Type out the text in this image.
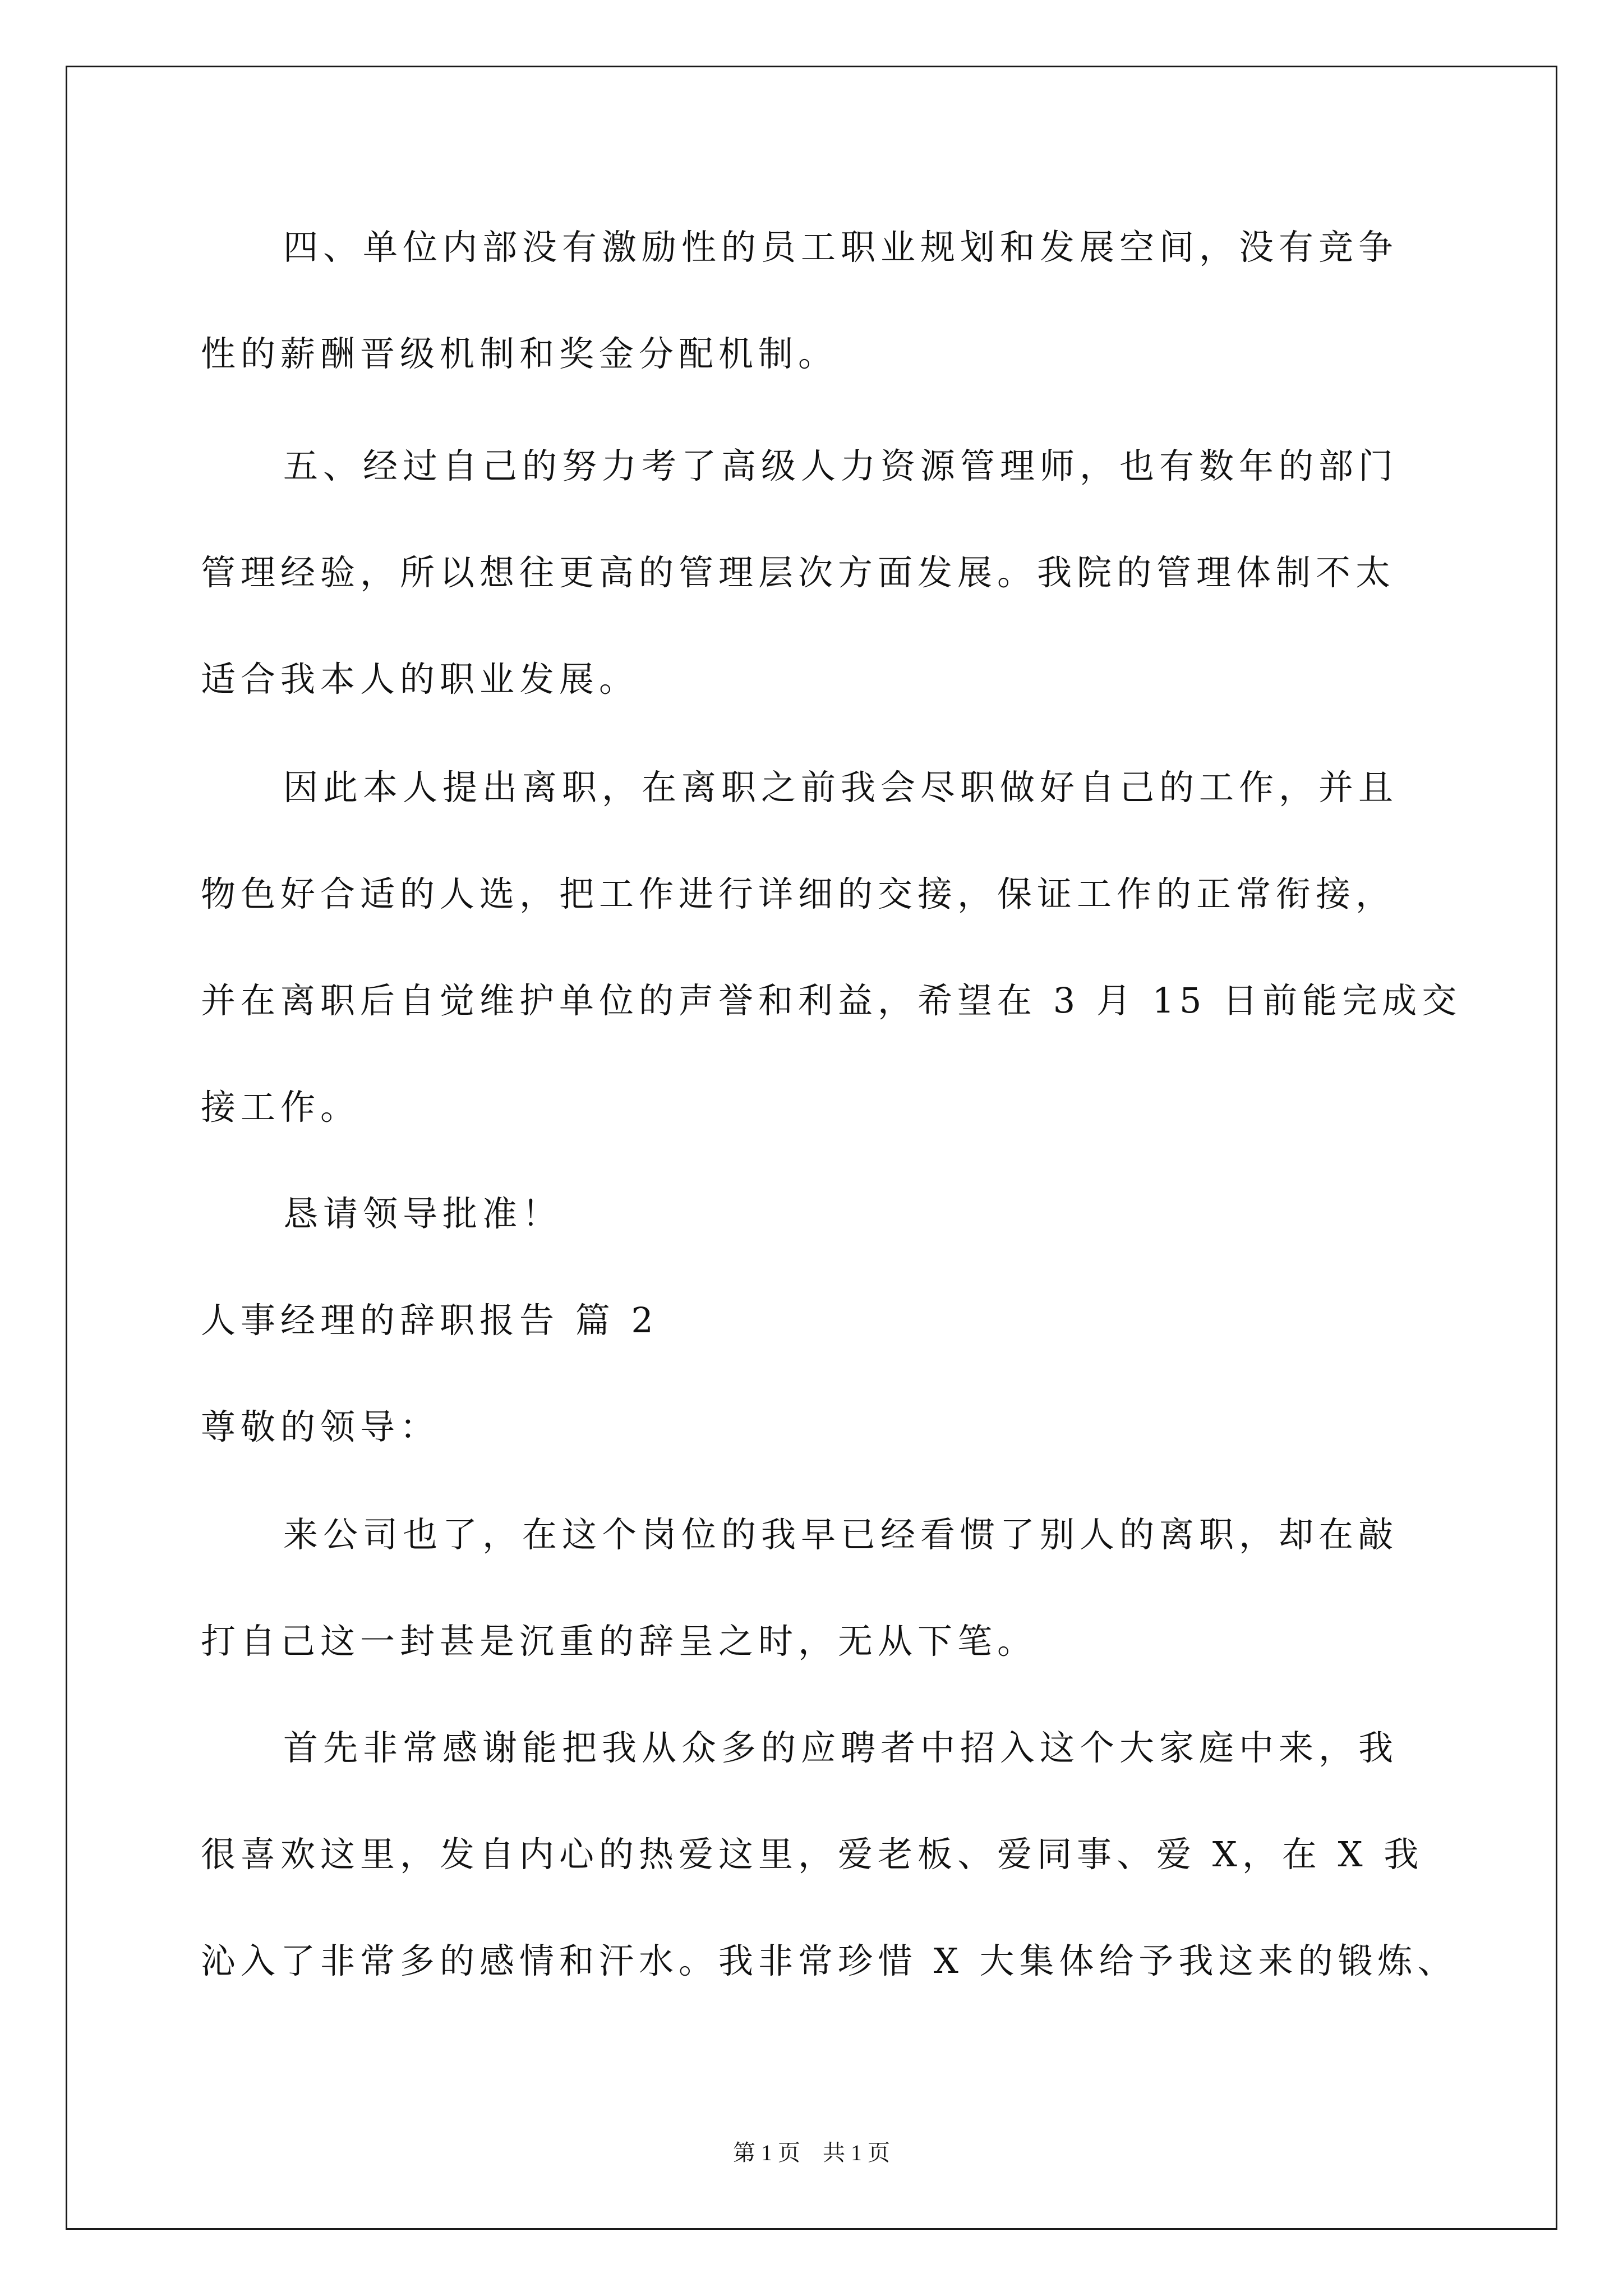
四、单位内部没有激励性的员工职业规划和发展空间，没有竞争
性的薪酬晋级机制和奖金分配机制。
五、经过自己的努力考了高级人力资源管理师，也有数年的部门
管理经验，所以想往更高的管理层次方面发展。我院的管理体制不太
适合我本人的职业发展。
因此本人提出离职，在离职之前我会尽职做好自己的工作，并且
物色好合适的人选，把工作进行详细的交接，保证工作的正常衔接，
并在离职后自觉维护单位的声誉和利益，希望在 3 月 15 日前能完成交
接工作。
恳请领导批准！
人事经理的辞职报告 篇 2
尊敬的领导：
来公司也了，在这个岗位的我早已经看惯了别人的离职，却在敲
打自己这一封甚是沉重的辞呈之时，无从下笔。
首先非常感谢能把我从众多的应聘者中招入这个大家庭中来，我
很喜欢这里，发自内心的热爱这里，爱老板、爱同事、爱 X，在 X 我
沁入了非常多的感情和汗水。我非常珍惜 X 大集体给予我这来的锻炼、
第 1 页 共 1 页
